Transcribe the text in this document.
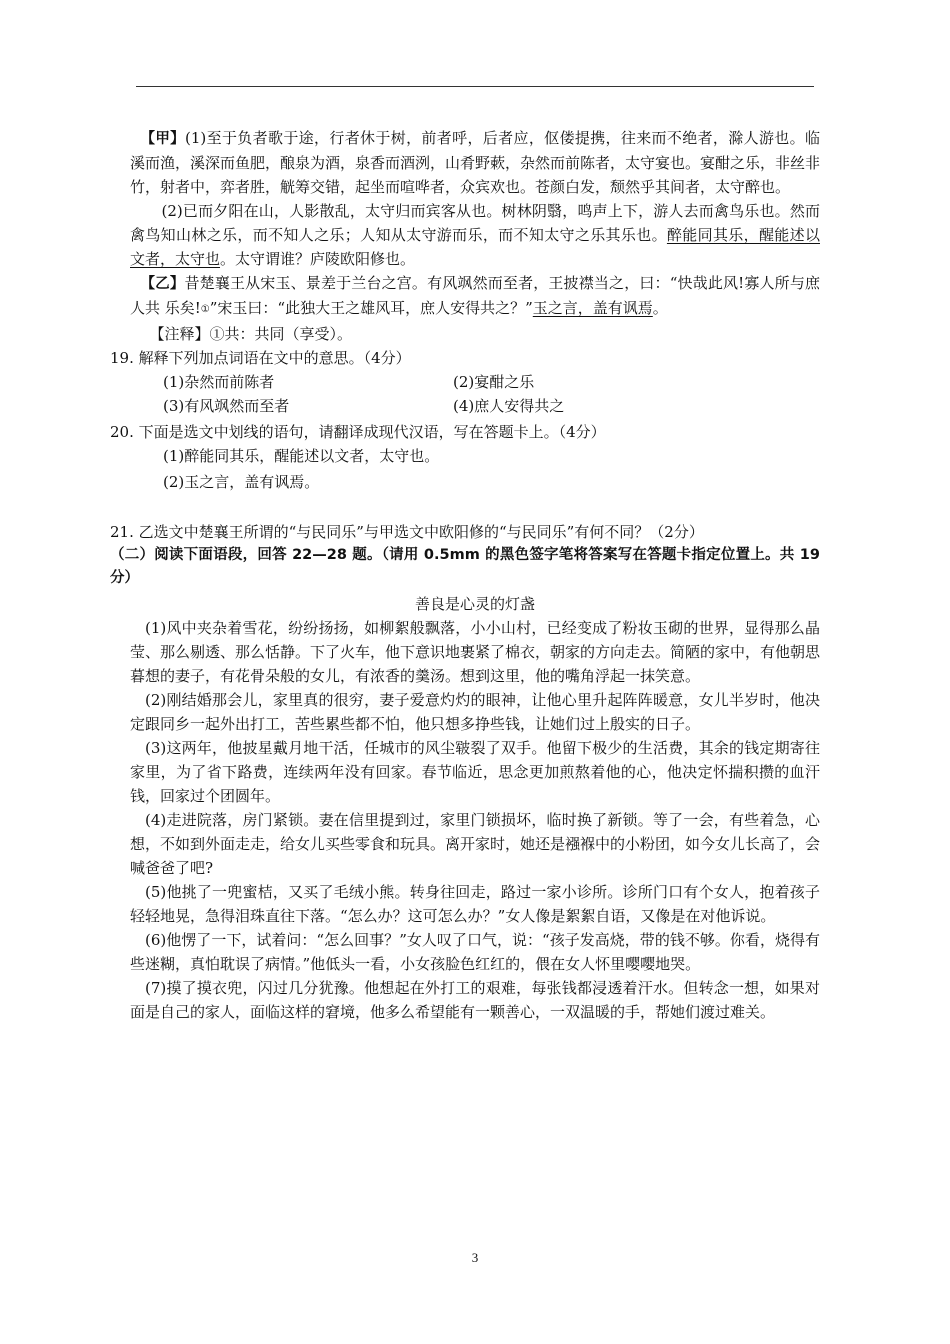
【甲】(1)至于负者歌于途，行者休于树，前者呼，后者应，伛偻提携，往来而不绝者，滁人游也。临溪而渔，溪深而鱼肥，酿泉为酒，泉香而酒洌，山肴野蔌，杂然而前陈者，太守宴也。宴酣之乐，非丝非竹，射者中，弈者胜，觥筹交错，起坐而喧哗者，众宾欢也。苍颜白发，颓然乎其间者，太守醉也。

(2)已而夕阳在山，人影散乱，太守归而宾客从也。树林阴翳，鸣声上下，游人去而禽鸟乐也。然而禽鸟知山林之乐，而不知人之乐；人知从太守游而乐，而不知太守之乐其乐也。醉能同其乐，醒能述以文者，太守也。太守谓谁？庐陵欧阳修也。

【乙】昔楚襄王从宋玉、景差于兰台之宫。有风飒然而至者，王披襟当之，曰：“快哉此风!寡人所与庶人共 乐矣!①”宋玉曰：“此独大王之雄风耳，庶人安得共之？”玉之言，盖有讽焉。

【注释】①共：共同（享受）。

19. 解释下列加点词语在文中的意思。（4分）

(1)杂然而前陈者	(2)宴酣之乐
(3)有风飒然而至者	(4)庶人安得共之

20. 下面是选文中划线的语句，请翻译成现代汉语，写在答题卡上。（4分）

(1)醉能同其乐，醒能述以文者，太守也。

(2)玉之言，盖有讽焉。

21. 乙选文中楚襄王所谓的“与民同乐”与甲选文中欧阳修的“与民同乐”有何不同？（2分）

（二）阅读下面语段，回答 22—28 题。（请用 0.5mm 的黑色签字笔将答案写在答题卡指定位置上。共 19 分）

善良是心灵的灯盏

(1)风中夹杂着雪花，纷纷扬扬，如柳絮般飘落，小小山村，已经变成了粉妆玉砌的世界，显得那么晶莹、那么剔透、那么恬静。下了火车，他下意识地裹紧了棉衣，朝家的方向走去。简陋的家中，有他朝思暮想的妻子，有花骨朵般的女儿，有浓香的羹汤。想到这里，他的嘴角浮起一抹笑意。

(2)刚结婚那会儿，家里真的很穷，妻子爱意灼灼的眼神，让他心里升起阵阵暖意，女儿半岁时，他决定跟同乡一起外出打工，苦些累些都不怕，他只想多挣些钱，让她们过上殷实的日子。

(3)这两年，他披星戴月地干活，任城市的风尘皲裂了双手。他留下极少的生活费，其余的钱定期寄往家里，为了省下路费，连续两年没有回家。春节临近，思念更加煎熬着他的心，他决定怀揣积攒的血汗钱，回家过个团圆年。

(4)走进院落，房门紧锁。妻在信里提到过，家里门锁损坏，临时换了新锁。等了一会，有些着急，心想，不如到外面走走，给女儿买些零食和玩具。离开家时，她还是襁褓中的小粉团，如今女儿长高了，会喊爸爸了吧?

(5)他挑了一兜蜜桔，又买了毛绒小熊。转身往回走，路过一家小诊所。诊所门口有个女人，抱着孩子轻轻地晃，急得泪珠直往下落。“怎么办？这可怎么办？”女人像是絮絮自语，又像是在对他诉说。

(6)他愣了一下，试着问：“怎么回事？”女人叹了口气，说：“孩子发高烧，带的钱不够。你看，烧得有些迷糊，真怕耽误了病情。”他低头一看，小女孩脸色红红的，偎在女人怀里嘤嘤地哭。

(7)摸了摸衣兜，闪过几分犹豫。他想起在外打工的艰难，每张钱都浸透着汗水。但转念一想，如果对面是自己的家人，面临这样的窘境，他多么希望能有一颗善心，一双温暖的手，帮她们渡过难关。

3
